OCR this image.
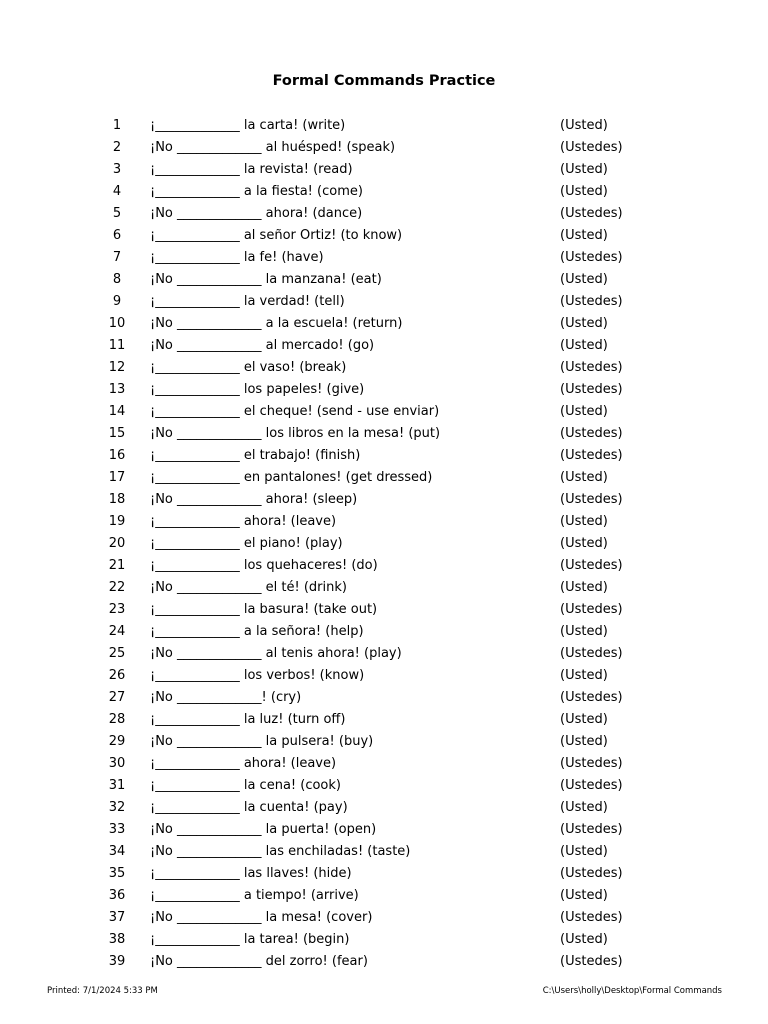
Formal Commands Practice
1	¡_____________ la carta! (write)	(Usted)
2	¡No _____________ al huésped! (speak)	(Ustedes)
3	¡_____________ la revista! (read)	(Usted)
4	¡_____________ a la fiesta! (come)	(Usted)
5	¡No _____________ ahora! (dance)	(Ustedes)
6	¡_____________ al señor Ortiz! (to know)	(Usted)
7	¡_____________ la fe! (have)	(Ustedes)
8	¡No _____________ la manzana! (eat)	(Usted)
9	¡_____________ la verdad! (tell)	(Ustedes)
10	¡No _____________ a la escuela! (return)	(Usted)
11	¡No _____________ al mercado! (go)	(Usted)
12	¡_____________ el vaso! (break)	(Ustedes)
13	¡_____________ los papeles! (give)	(Ustedes)
14	¡_____________ el cheque! (send - use enviar)	(Usted)
15	¡No _____________ los libros en la mesa! (put)	(Ustedes)
16	¡_____________ el trabajo! (finish)	(Ustedes)
17	¡_____________ en pantalones! (get dressed)	(Usted)
18	¡No _____________ ahora! (sleep)	(Ustedes)
19	¡_____________ ahora! (leave)	(Usted)
20	¡_____________ el piano! (play)	(Usted)
21	¡_____________ los quehaceres! (do)	(Ustedes)
22	¡No _____________ el té! (drink)	(Usted)
23	¡_____________ la basura! (take out)	(Ustedes)
24	¡_____________ a la señora! (help)	(Usted)
25	¡No _____________ al tenis ahora! (play)	(Ustedes)
26	¡_____________ los verbos! (know)	(Usted)
27	¡No _____________! (cry)	(Ustedes)
28	¡_____________ la luz! (turn off)	(Usted)
29	¡No _____________ la pulsera! (buy)	(Usted)
30	¡_____________ ahora! (leave)	(Ustedes)
31	¡_____________ la cena! (cook)	(Ustedes)
32	¡_____________ la cuenta! (pay)	(Usted)
33	¡No _____________ la puerta! (open)	(Ustedes)
34	¡No _____________ las enchiladas! (taste)	(Usted)
35	¡_____________ las llaves! (hide)	(Ustedes)
36	¡_____________ a tiempo! (arrive)	(Usted)
37	¡No _____________ la mesa! (cover)	(Ustedes)
38	¡_____________ la tarea! (begin)	(Usted)
39	¡No _____________ del zorro! (fear)	(Ustedes)
Printed: 7/1/2024 5:33 PM	C:\Users\holly\Desktop\Formal Commands
